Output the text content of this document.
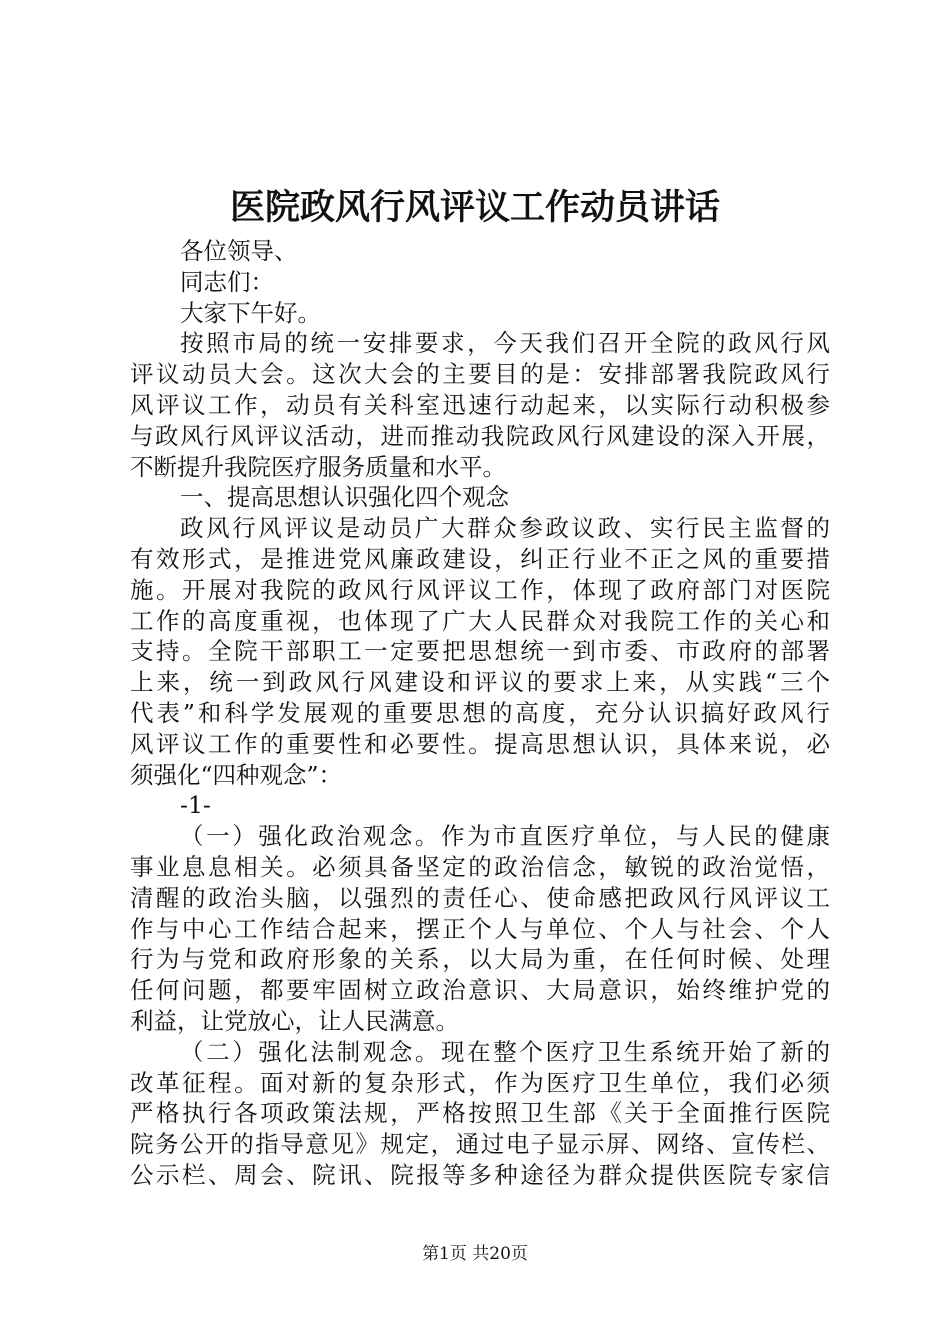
医院政风行风评议工作动员讲话
各位领导、
同志们：
大家下午好。
按照市局的统一安排要求，今天我们召开全院的政风行风
评议动员大会。这次大会的主要目的是：安排部署我院政风行
风评议工作，动员有关科室迅速行动起来，以实际行动积极参
与政风行风评议活动，进而推动我院政风行风建设的深入开展，
不断提升我院医疗服务质量和水平。
一、提高思想认识强化四个观念
政风行风评议是动员广大群众参政议政、实行民主监督的
有效形式，是推进党风廉政建设，纠正行业不正之风的重要措
施。开展对我院的政风行风评议工作，体现了政府部门对医院
工作的高度重视，也体现了广大人民群众对我院工作的关心和
支持。全院干部职工一定要把思想统一到市委、市政府的部署
上来，统一到政风行风建设和评议的要求上来，从实践“三个
代表”和科学发展观的重要思想的高度，充分认识搞好政风行
风评议工作的重要性和必要性。提高思想认识，具体来说，必
须强化“四种观念”：
-1-
（一）强化政治观念。作为市直医疗单位，与人民的健康
事业息息相关。必须具备坚定的政治信念，敏锐的政治觉悟，
清醒的政治头脑，以强烈的责任心、使命感把政风行风评议工
作与中心工作结合起来，摆正个人与单位、个人与社会、个人
行为与党和政府形象的关系，以大局为重，在任何时候、处理
任何问题，都要牢固树立政治意识、大局意识，始终维护党的
利益，让党放心，让人民满意。
（二）强化法制观念。现在整个医疗卫生系统开始了新的
改革征程。面对新的复杂形式，作为医疗卫生单位，我们必须
严格执行各项政策法规，严格按照卫生部《关于全面推行医院
院务公开的指导意见》规定，通过电子显示屏、网络、宣传栏、
公示栏、周会、院讯、院报等多种途径为群众提供医院专家信
第1页 共20页
